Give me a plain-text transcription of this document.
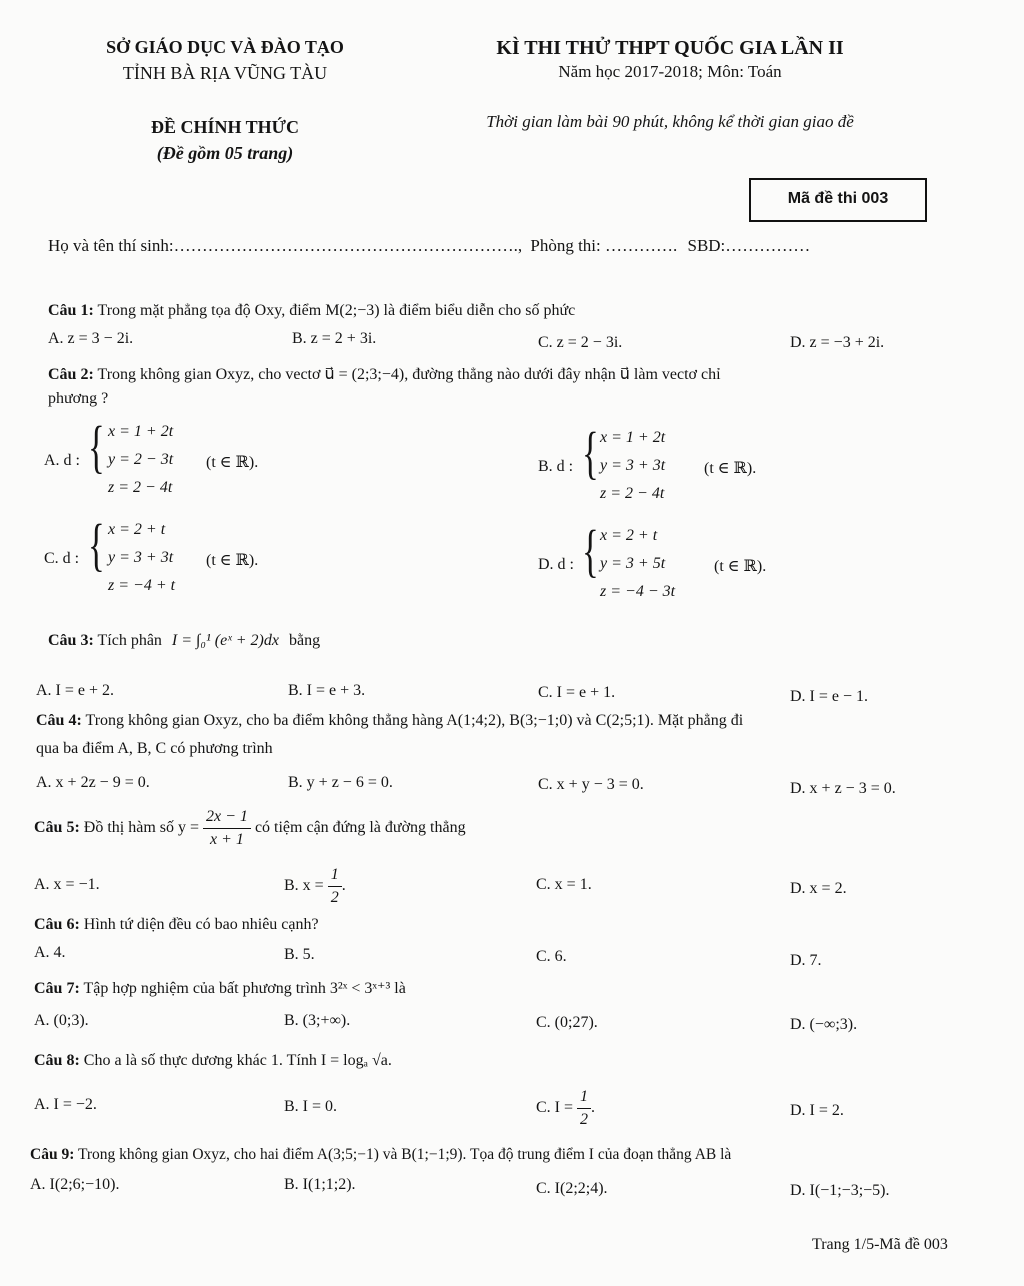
SỞ GIÁO DỤC VÀ ĐÀO TẠO
TỈNH BÀ RỊA VŨNG TÀU
ĐỀ CHÍNH THỨC
(Đề gồm 05 trang)
KÌ THI THỬ THPT QUỐC GIA LẦN II
Năm học 2017-2018; Môn: Toán
Thời gian làm bài 90 phút, không kể thời gian giao đề
Mã đề thi 003
Họ và tên thí sinh:……………………………………………………., Phòng thi: …………. SBD:……………
Câu 1: Trong mặt phẳng tọa độ Oxy, điểm M(2;−3) là điểm biểu diễn cho số phức
A. z = 3 − 2i.	B. z = 2 + 3i.	C. z = 2 − 3i.	D. z = −3 + 2i.
Câu 2: Trong không gian Oxyz, cho vectơ u⃗ = (2;3;−4), đường thẳng nào dưới đây nhận u⃗ làm vectơ chỉ
phương ?
A. d : { x = 1 + 2t
y = 2 − 3t
z = 2 − 4t
(t ∈ ℝ).	B. d : { x = 1 + 2t
y = 3 + 3t
z = 2 − 4t
(t ∈ ℝ).
C. d : { x = 2 + t
y = 3 + 3t
z = −4 + t
(t ∈ ℝ).	D. d : { x = 2 + t
y = 3 + 5t
z = −4 − 3t
(t ∈ ℝ).
Câu 3: Tích phân I = ∫₀¹ (eˣ + 2)dx bằng
A. I = e + 2.	B. I = e + 3.	C. I = e + 1.	D. I = e − 1.
Câu 4: Trong không gian Oxyz, cho ba điểm không thẳng hàng A(1;4;2), B(3;−1;0) và C(2;5;1). Mặt phẳng đi
qua ba điểm A, B, C có phương trình
A. x + 2z − 9 = 0.	B. y + z − 6 = 0.	C. x + y − 3 = 0.	D. x + z − 3 = 0.
Câu 5: Đồ thị hàm số $y = \frac{2x - 1}{x + 1}$ có tiệm cận đứng là đường thẳng
A. x = −1.	B. $x = \frac{1}{2}$ .	C. x = 1.	D. x = 2.
Câu 6: Hình tứ diện đều có bao nhiêu cạnh?
A. 4.	B. 5.	C. 6.	D. 7.
Câu 7: Tập hợp nghiệm của bất phương trình 3²ˣ < 3ˣ⁺³ là
A. (0;3).	B. (3;+∞).	C. (0;27).	D. (−∞;3).
Câu 8: Cho a là số thực dương khác 1. Tính I = logₐ √a.
A. I = −2.	B. I = 0.	C. $I = \frac{1}{2}$ .	D. I = 2.
Câu 9: Trong không gian Oxyz, cho hai điểm A(3;5;−1) và B(1;−1;9). Tọa độ trung điểm I của đoạn thẳng AB là
A. I(2;6;−10).	B. I(1;1;2).	C. I(2;2;4).	D. I(−1;−3;−5).
Trang 1/5-Mã đề 003
